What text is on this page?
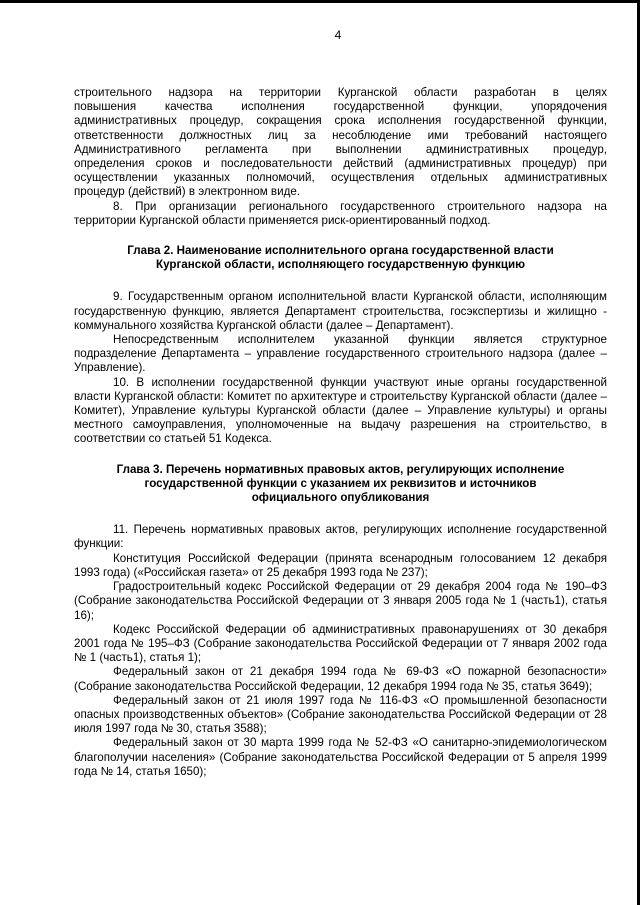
4

строительного надзора на территории Курганской области разработан в целях

повышения качества исполнения государственной функции, упорядочения

административных процедур, сокращения срока исполнения государственной функции,

ответственности должностных лиц за несоблюдение ими требований настоящего

Административного регламента при выполнении административных процедур,

определения сроков и последовательности действий (административных процедур) при

осуществлении указанных полномочий, осуществления отдельных административных

процедур (действий) в электронном виде.

8. При организации регионального государственного строительного надзора на территории Курганской области применяется риск-ориентированный подход.

Глава 2. Наименование исполнительного органа государственной власти
Курганской области, исполняющего государственную функцию

9. Государственным органом исполнительной власти Курганской области, исполняющим государственную функцию, является Департамент строительства, госэкспертизы и жилищно - коммунального хозяйства Курганской области (далее – Департамент).

Непосредственным исполнителем указанной функции является структурное подразделение Департамента – управление государственного строительного надзора (далее – Управление).

10. В исполнении государственной функции участвуют иные органы государственной власти Курганской области: Комитет по архитектуре и строительству Курганской области (далее – Комитет), Управление культуры Курганской области (далее – Управление культуры) и органы местного самоуправления, уполномоченные на выдачу разрешения на строительство, в соответствии со статьей 51 Кодекса.

Глава 3. Перечень нормативных правовых актов, регулирующих исполнение
государственной функции с указанием их реквизитов и источников
официального опубликования

11. Перечень нормативных правовых актов, регулирующих исполнение государственной функции:

Конституция Российской Федерации (принята всенародным голосованием 12 декабря 1993 года) («Российская газета» от 25 декабря 1993 года № 237);

Градостроительный кодекс Российской Федерации от 29 декабря 2004 года № 190–ФЗ (Собрание законодательства Российской Федерации от 3 января 2005 года № 1 (часть1), статья 16);

Кодекс Российской Федерации об административных правонарушениях от 30 декабря 2001 года № 195–ФЗ (Собрание законодательства Российской Федерации от 7 января 2002 года № 1 (часть1), статья 1);

Федеральный закон от 21 декабря 1994 года № 69-ФЗ «О пожарной безопасности» (Собрание законодательства Российской Федерации, 12 декабря 1994 года № 35, статья 3649);

Федеральный закон от 21 июля 1997 года № 116-ФЗ «О промышленной безопасности опасных производственных объектов» (Собрание законодательства Российской Федерации от 28 июля 1997 года № 30, статья 3588);

Федеральный закон от 30 марта 1999 года № 52-ФЗ «О санитарно-эпидемиологическом благополучии населения» (Собрание законодательства Российской Федерации от 5 апреля 1999 года № 14, статья 1650);
